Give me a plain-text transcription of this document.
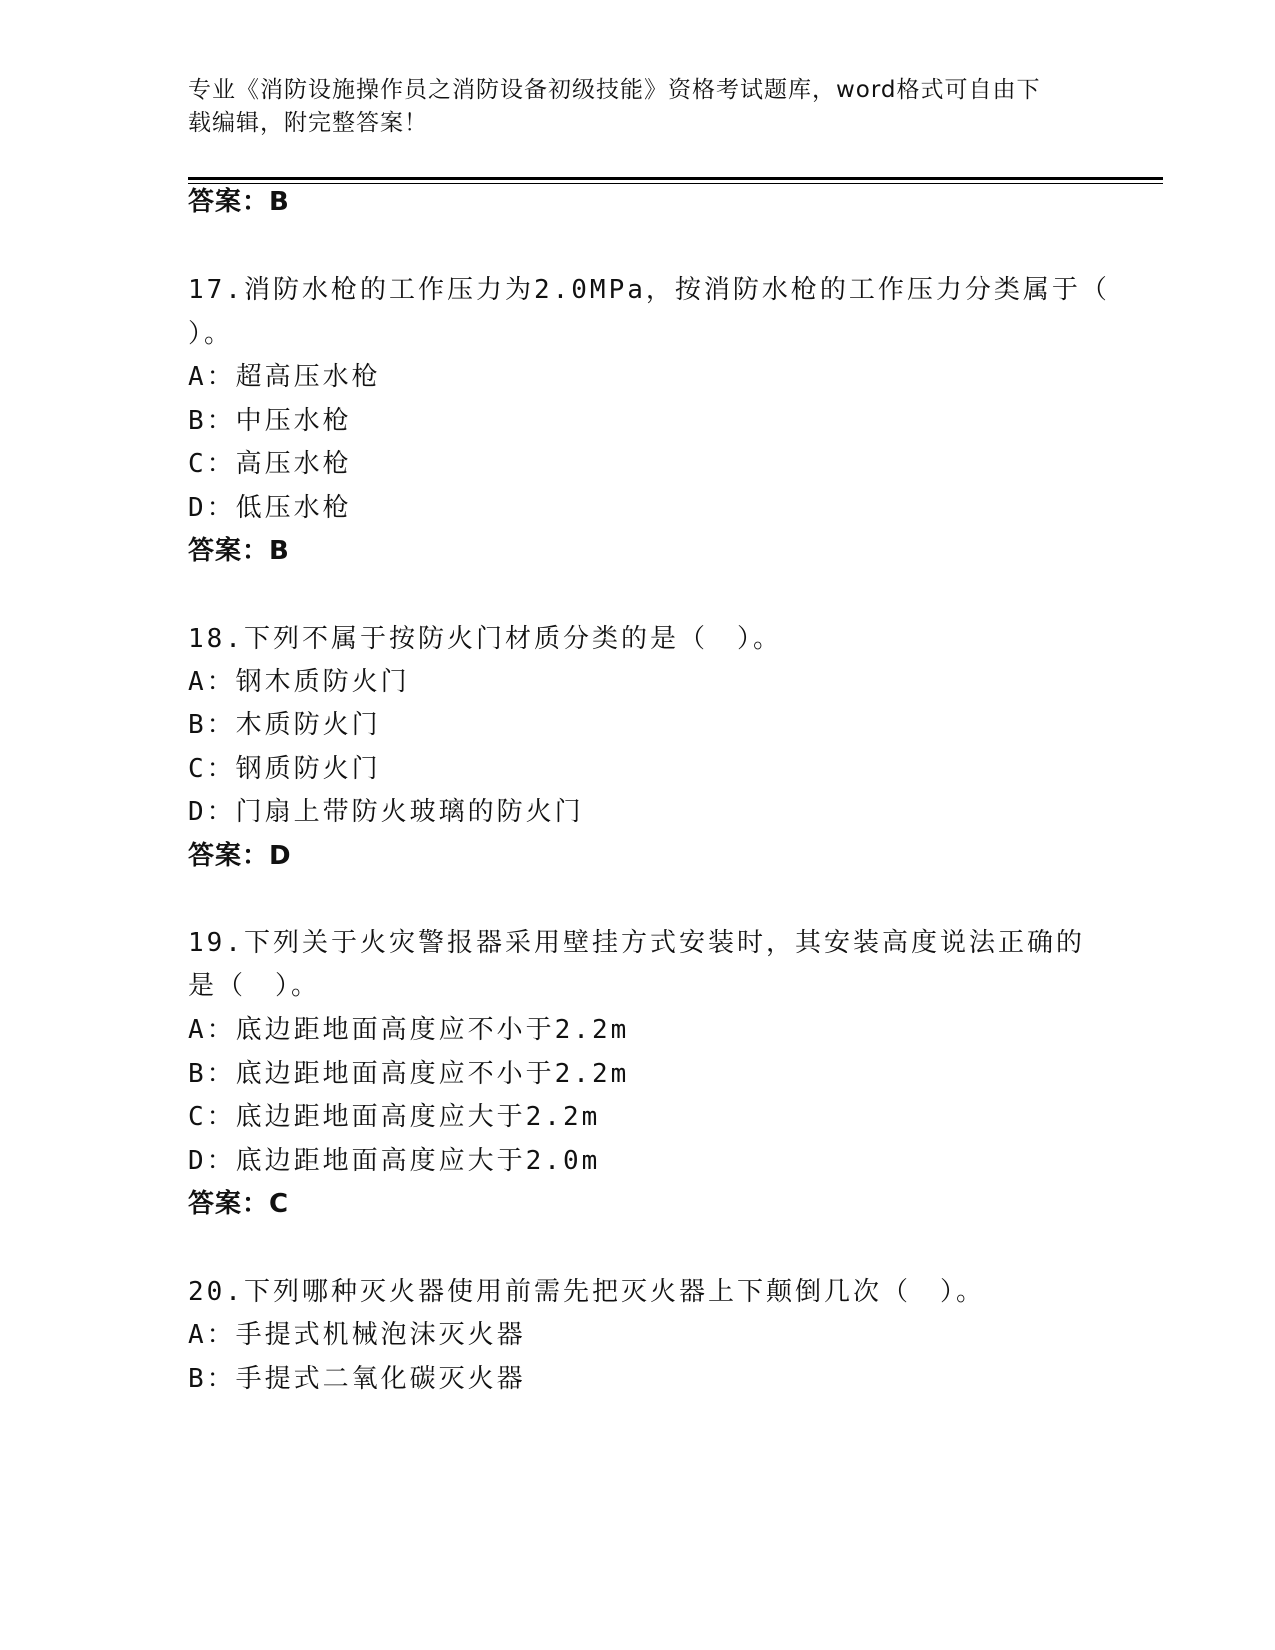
专业《消防设施操作员之消防设备初级技能》资格考试题库，word格式可自由下
载编辑，附完整答案！
答案：B
17.消防水枪的工作压力为2.0MPa，按消防水枪的工作压力分类属于（
）。
A：超高压水枪
B：中压水枪
C：高压水枪
D：低压水枪
答案：B
18.下列不属于按防火门材质分类的是（　）。
A：钢木质防火门
B：木质防火门
C：钢质防火门
D：门扇上带防火玻璃的防火门
答案：D
19.下列关于火灾警报器采用壁挂方式安装时，其安装高度说法正确的
是（　）。
A：底边距地面高度应不小于2.2m
B：底边距地面高度应不小于2.2m
C：底边距地面高度应大于2.2m
D：底边距地面高度应大于2.0m
答案：C
20.下列哪种灭火器使用前需先把灭火器上下颠倒几次（　）。
A：手提式机械泡沫灭火器
B：手提式二氧化碳灭火器
